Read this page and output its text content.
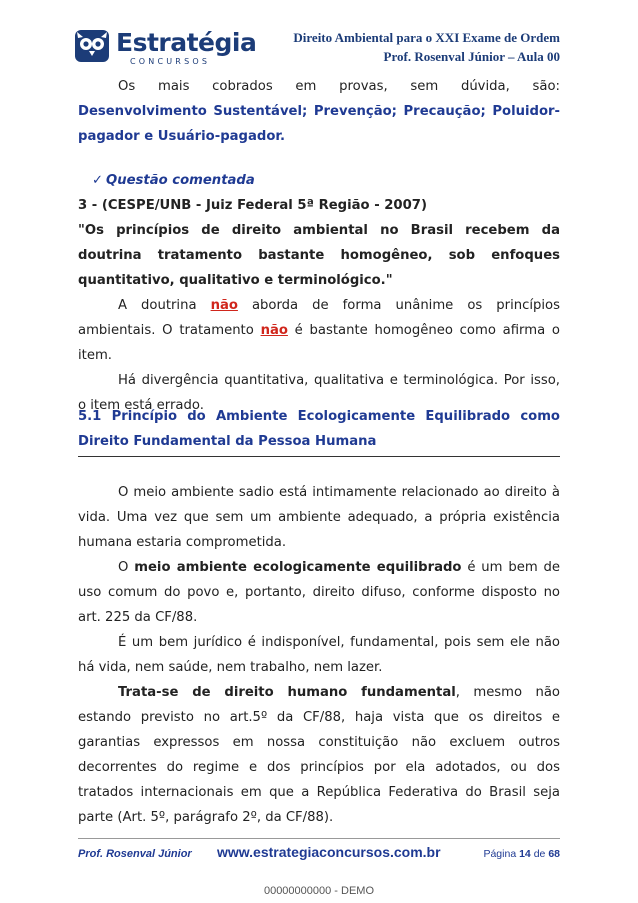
Estratégia
CONCURSOS
Direito Ambiental para o XXI Exame de Ordem
Prof. Rosenval Júnior – Aula 00

Os mais cobrados em provas, sem dúvida, são: Desenvolvimento Sustentável; Prevenção; Precaução; Poluidor-pagador e Usuário-pagador.

✓ Questão comentada

3 - (CESPE/UNB - Juiz Federal 5ª Região - 2007)

"Os princípios de direito ambiental no Brasil recebem da doutrina tratamento bastante homogêneo, sob enfoques quantitativo, qualitativo e terminológico."

A doutrina não aborda de forma unânime os princípios ambientais. O tratamento não é bastante homogêneo como afirma o item.

Há divergência quantitativa, qualitativa e terminológica. Por isso, o item está errado.

5.1 Princípio do Ambiente Ecologicamente Equilibrado como Direito Fundamental da Pessoa Humana

O meio ambiente sadio está intimamente relacionado ao direito à vida. Uma vez que sem um ambiente adequado, a própria existência humana estaria comprometida.

O meio ambiente ecologicamente equilibrado é um bem de uso comum do povo e, portanto, direito difuso, conforme disposto no art. 225 da CF/88.

É um bem jurídico é indisponível, fundamental, pois sem ele não há vida, nem saúde, nem trabalho, nem lazer.

Trata-se de direito humano fundamental, mesmo não estando previsto no art.5º da CF/88, haja vista que os direitos e garantias expressos em nossa constituição não excluem outros decorrentes do regime e dos princípios por ela adotados, ou dos tratados internacionais em que a República Federativa do Brasil seja parte (Art. 5º, parágrafo 2º, da CF/88).

Prof. Rosenval Júnior www.estrategiaconcursos.com.br	Página 14 de 68
00000000000 - DEMO
